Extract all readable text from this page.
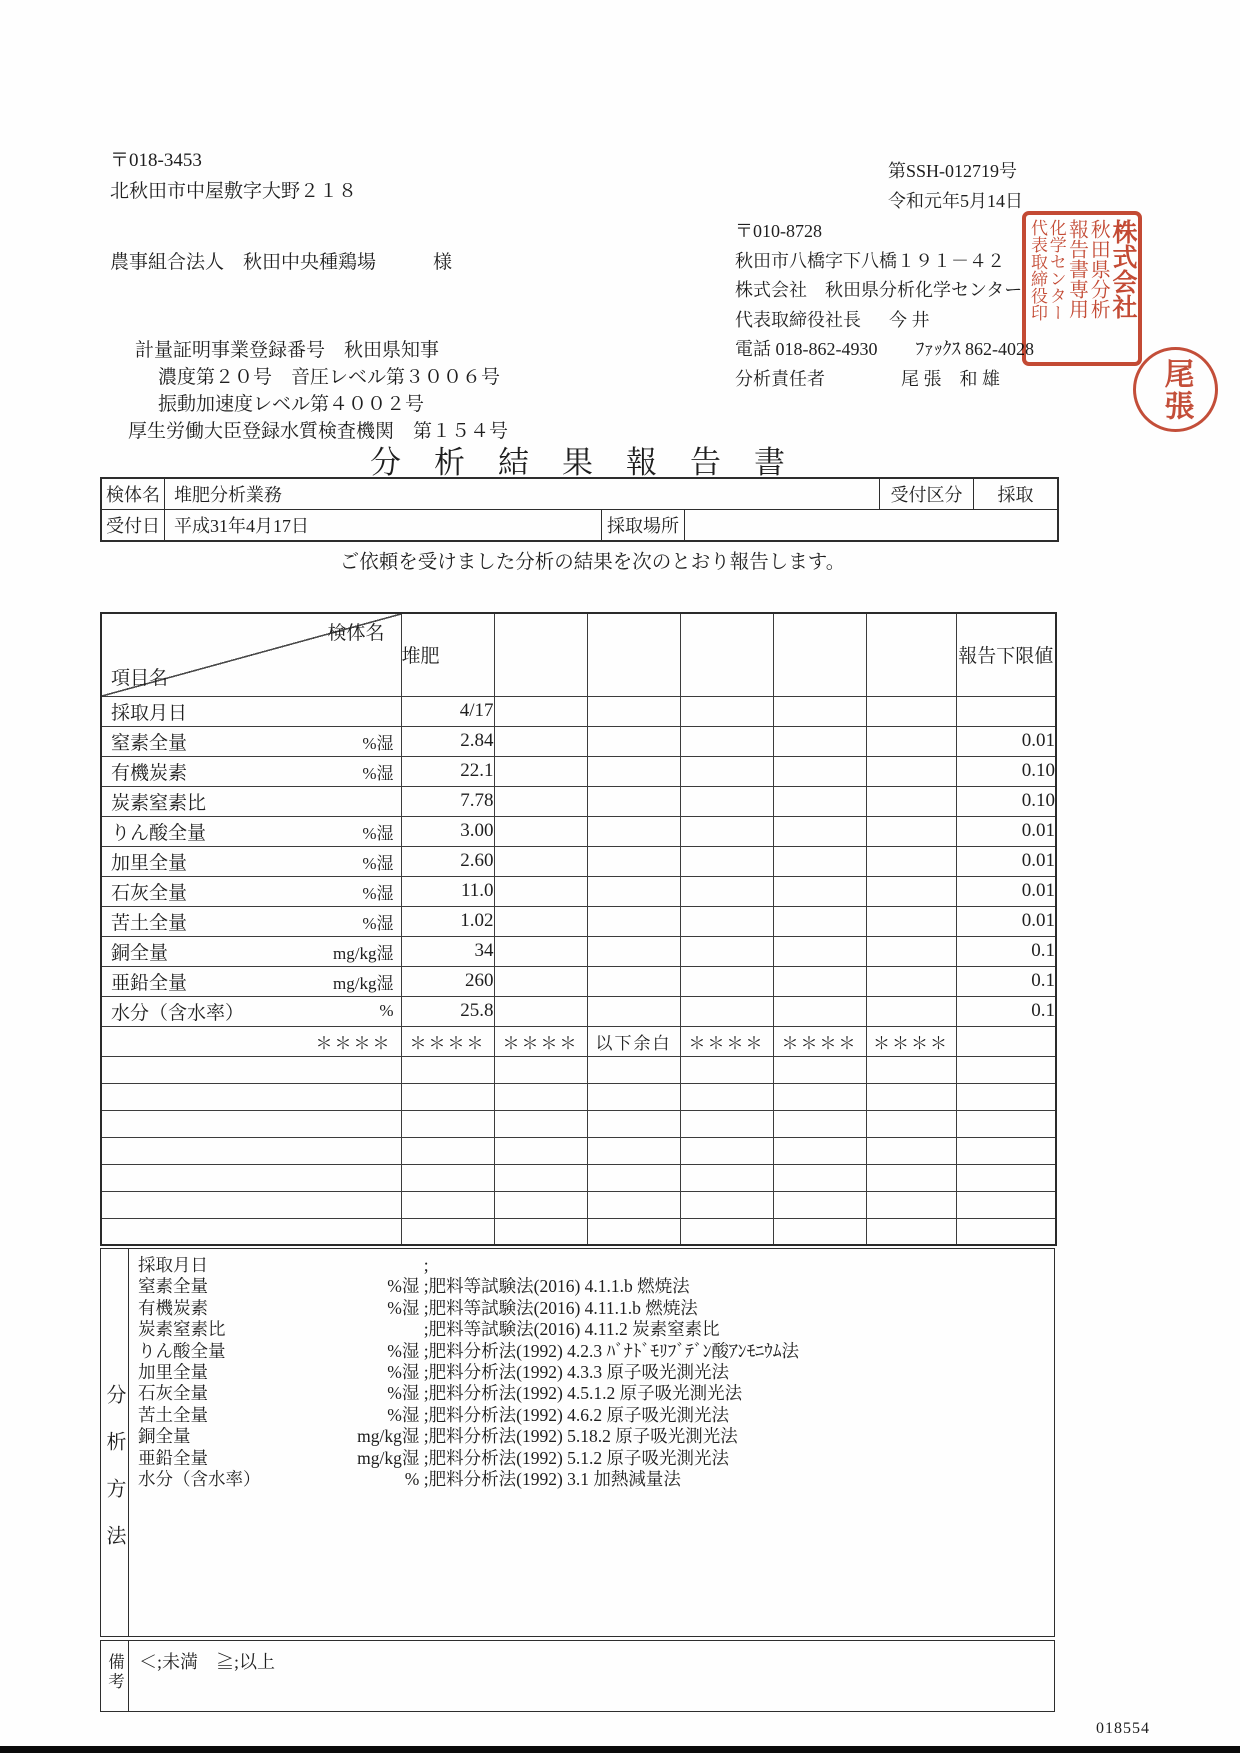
〒018-3453
北秋田市中屋敷字大野２１８
農事組合法人　秋田中央種鶏場　　　様
第SSH-012719号
令和元年5月14日
〒010-8728
秋田市八橋字下八橋１９１－４２
株式会社　秋田県分析化学センター
代表取締役社長 今 井
電話 018-862-4930 ﾌｧｯｸｽ 862-4028
分析責任者	尾 張　和 雄
計量証明事業登録番号　秋田県知事
濃度第２０号　音圧レベル第３００６号
振動加速度レベル第４００２号
厚生労働大臣登録水質検査機関　第１５４号
株式会社
秋田県分析
報告書専用
化学センター
代表取締役印
尾張
分析結果報告書
検体名 堆肥分析業務	受付区分	採取
受付日 平成31年4月17日	採取場所
ご依頼を受けました分析の結果を次のとおり報告します。
検体名
項目名	堆肥						報告下限値

採取月日	4/17						

窒素全量 %湿	2.84						0.01

有機炭素 %湿	22.1						0.10

炭素窒素比	7.78						0.10

りん酸全量 %湿	3.00						0.01

加里全量 %湿	2.60						0.01

石灰全量 %湿	11.0						0.01

苦土全量 %湿	1.02						0.01

銅全量 mg/kg湿	34						0.1

亜鉛全量 mg/kg湿	260						0.1

水分（含水率） %	25.8						0.1
＊＊＊＊	＊＊＊＊	＊＊＊＊	以下余白	＊＊＊＊	＊＊＊＊	＊＊＊＊	

分析方法
採取月日	;
窒素全量	%湿 ;肥料等試験法(2016) 4.1.1.b 燃焼法
有機炭素	%湿 ;肥料等試験法(2016) 4.11.1.b 燃焼法
炭素窒素比	;肥料等試験法(2016) 4.11.2 炭素窒素比
りん酸全量	%湿 ;肥料分析法(1992) 4.2.3 ﾊﾞﾅﾄﾞﾓﾘﾌﾞﾃﾞﾝ酸ｱﾝﾓﾆｳﾑ法
加里全量	%湿 ;肥料分析法(1992) 4.3.3 原子吸光測光法
石灰全量	%湿 ;肥料分析法(1992) 4.5.1.2 原子吸光測光法
苦土全量	%湿 ;肥料分析法(1992) 4.6.2 原子吸光測光法
銅全量	mg/kg湿 ;肥料分析法(1992) 5.18.2 原子吸光測光法
亜鉛全量	mg/kg湿 ;肥料分析法(1992) 5.1.2 原子吸光測光法
水分（含水率）	% ;肥料分析法(1992) 3.1 加熱減量法
備考 ＜;未満　≧;以上
018554
